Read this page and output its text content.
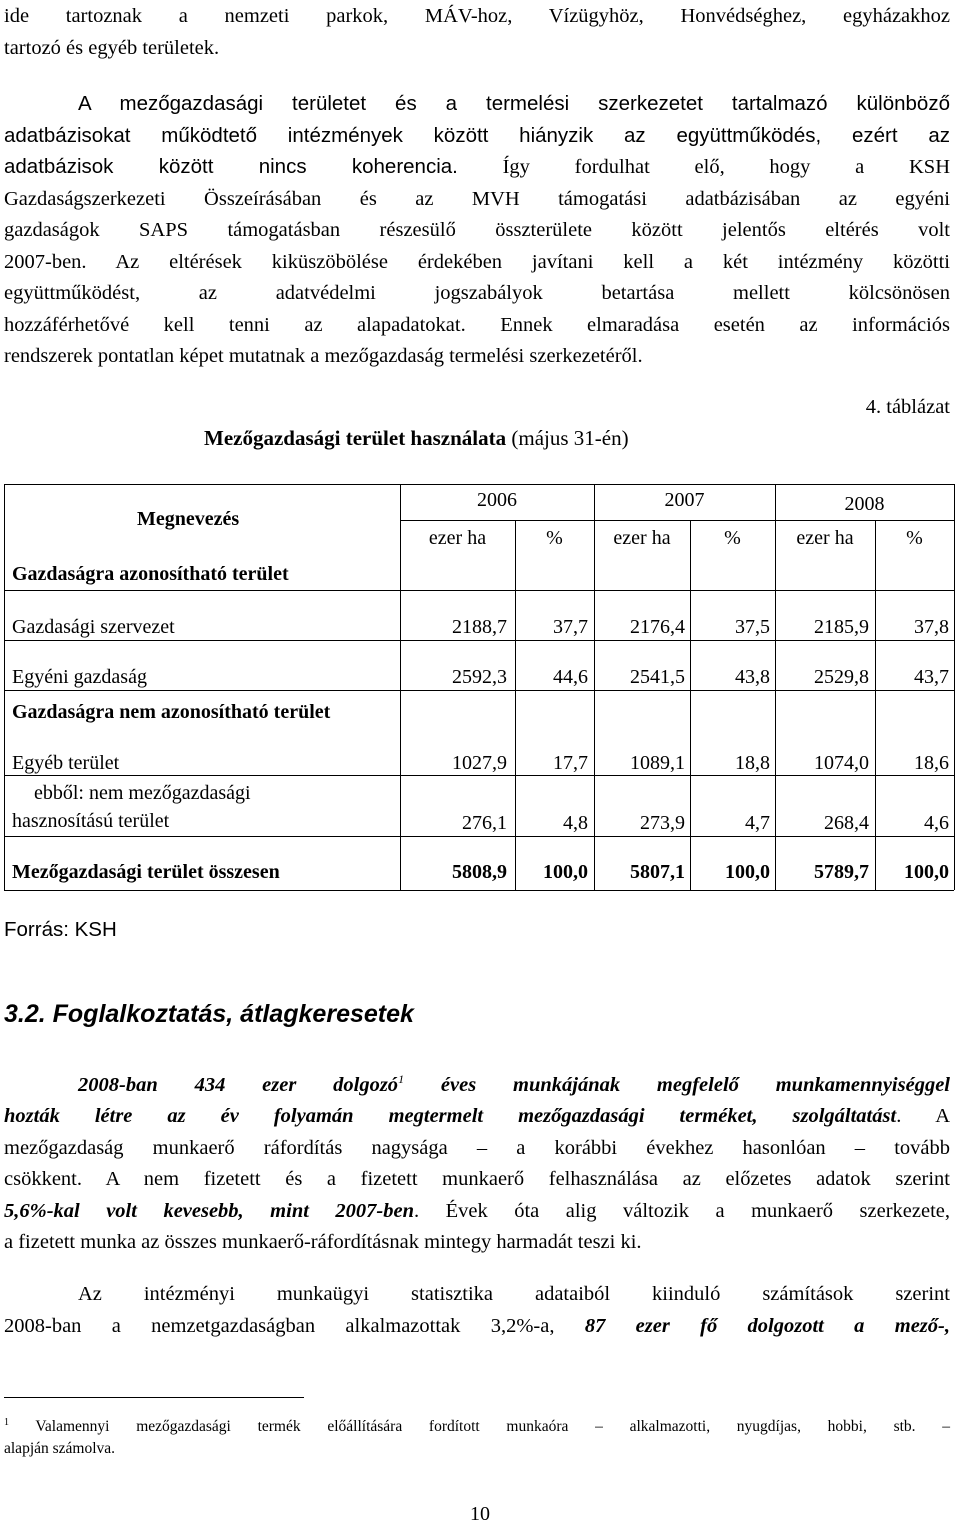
ide tartoznak a nemzeti parkok, MÁV-hoz, Vízügyhöz, Honvédséghez, egyházakhoz
tartozó és egyéb területek.
A mezőgazdasági területet és a termelési szerkezetet tartalmazó különböző
adatbázisokat működtető intézmények között hiányzik az együttműködés, ezért az
adatbázisok között nincs koherencia. Így fordulhat elő, hogy a KSH
Gazdaságszerkezeti Összeírásában és az MVH támogatási adatbázisában az egyéni
gazdaságok SAPS támogatásban részesülő összterülete között jelentős eltérés volt
2007-ben. Az eltérések kiküszöbölése érdekében javítani kell a két intézmény közötti
együttműködést, az adatvédelmi jogszabályok betartása mellett kölcsönösen
hozzáférhetővé kell tenni az alapadatokat. Ennek elmaradása esetén az információs
rendszerek pontatlan képet mutatnak a mezőgazdaság termelési szerkezetéről.
4. táblázat
Mezőgazdasági terület használata (május 31-én)
Megnevezés
Gazdaságra azonosítható terület
2006	2007	2008
ezer ha	%	ezer ha	%	ezer ha	%
Gazdasági szervezet	2188,7	37,7	2176,4	37,5	2185,9	37,8
Egyéni gazdaság	2592,3	44,6	2541,5	43,8	2529,8	43,7
Gazdaságra nem azonosítható terület
Egyéb terület	1027,9	17,7	1089,1	18,8	1074,0	18,6
ebből: nem mezőgazdasági
hasznosítású terület	276,1	4,8	273,9	4,7	268,4	4,6
Mezőgazdasági terület összesen	5808,9	100,0	5807,1	100,0	5789,7	100,0
Forrás: KSH
3.2. Foglalkoztatás, átlagkeresetek
2008-ban 434 ezer dolgozó$^1$ éves munkájának megfelelő munkamennyiséggel
hozták létre az év folyamán megtermelt mezőgazdasági terméket, szolgáltatást. A
mezőgazdaság munkaerő ráfordítás nagysága – a korábbi évekhez hasonlóan – tovább
csökkent. A nem fizetett és a fizetett munkaerő felhasználása az előzetes adatok szerint
5,6%-kal volt kevesebb, mint 2007-ben. Évek óta alig változik a munkaerő szerkezete,
a fizetett munka az összes munkaerő-ráfordításnak mintegy harmadát teszi ki.
Az intézményi munkaügyi statisztika adataiból kiinduló számítások szerint
2008-ban a nemzetgazdaságban alkalmazottak 3,2%-a, 87 ezer fő dolgozott a mező-,
$^1$ Valamennyi mezőgazdasági termék előállítására fordított munkaóra – alkalmazotti, nyugdíjas, hobbi, stb. –
alapján számolva.
10
